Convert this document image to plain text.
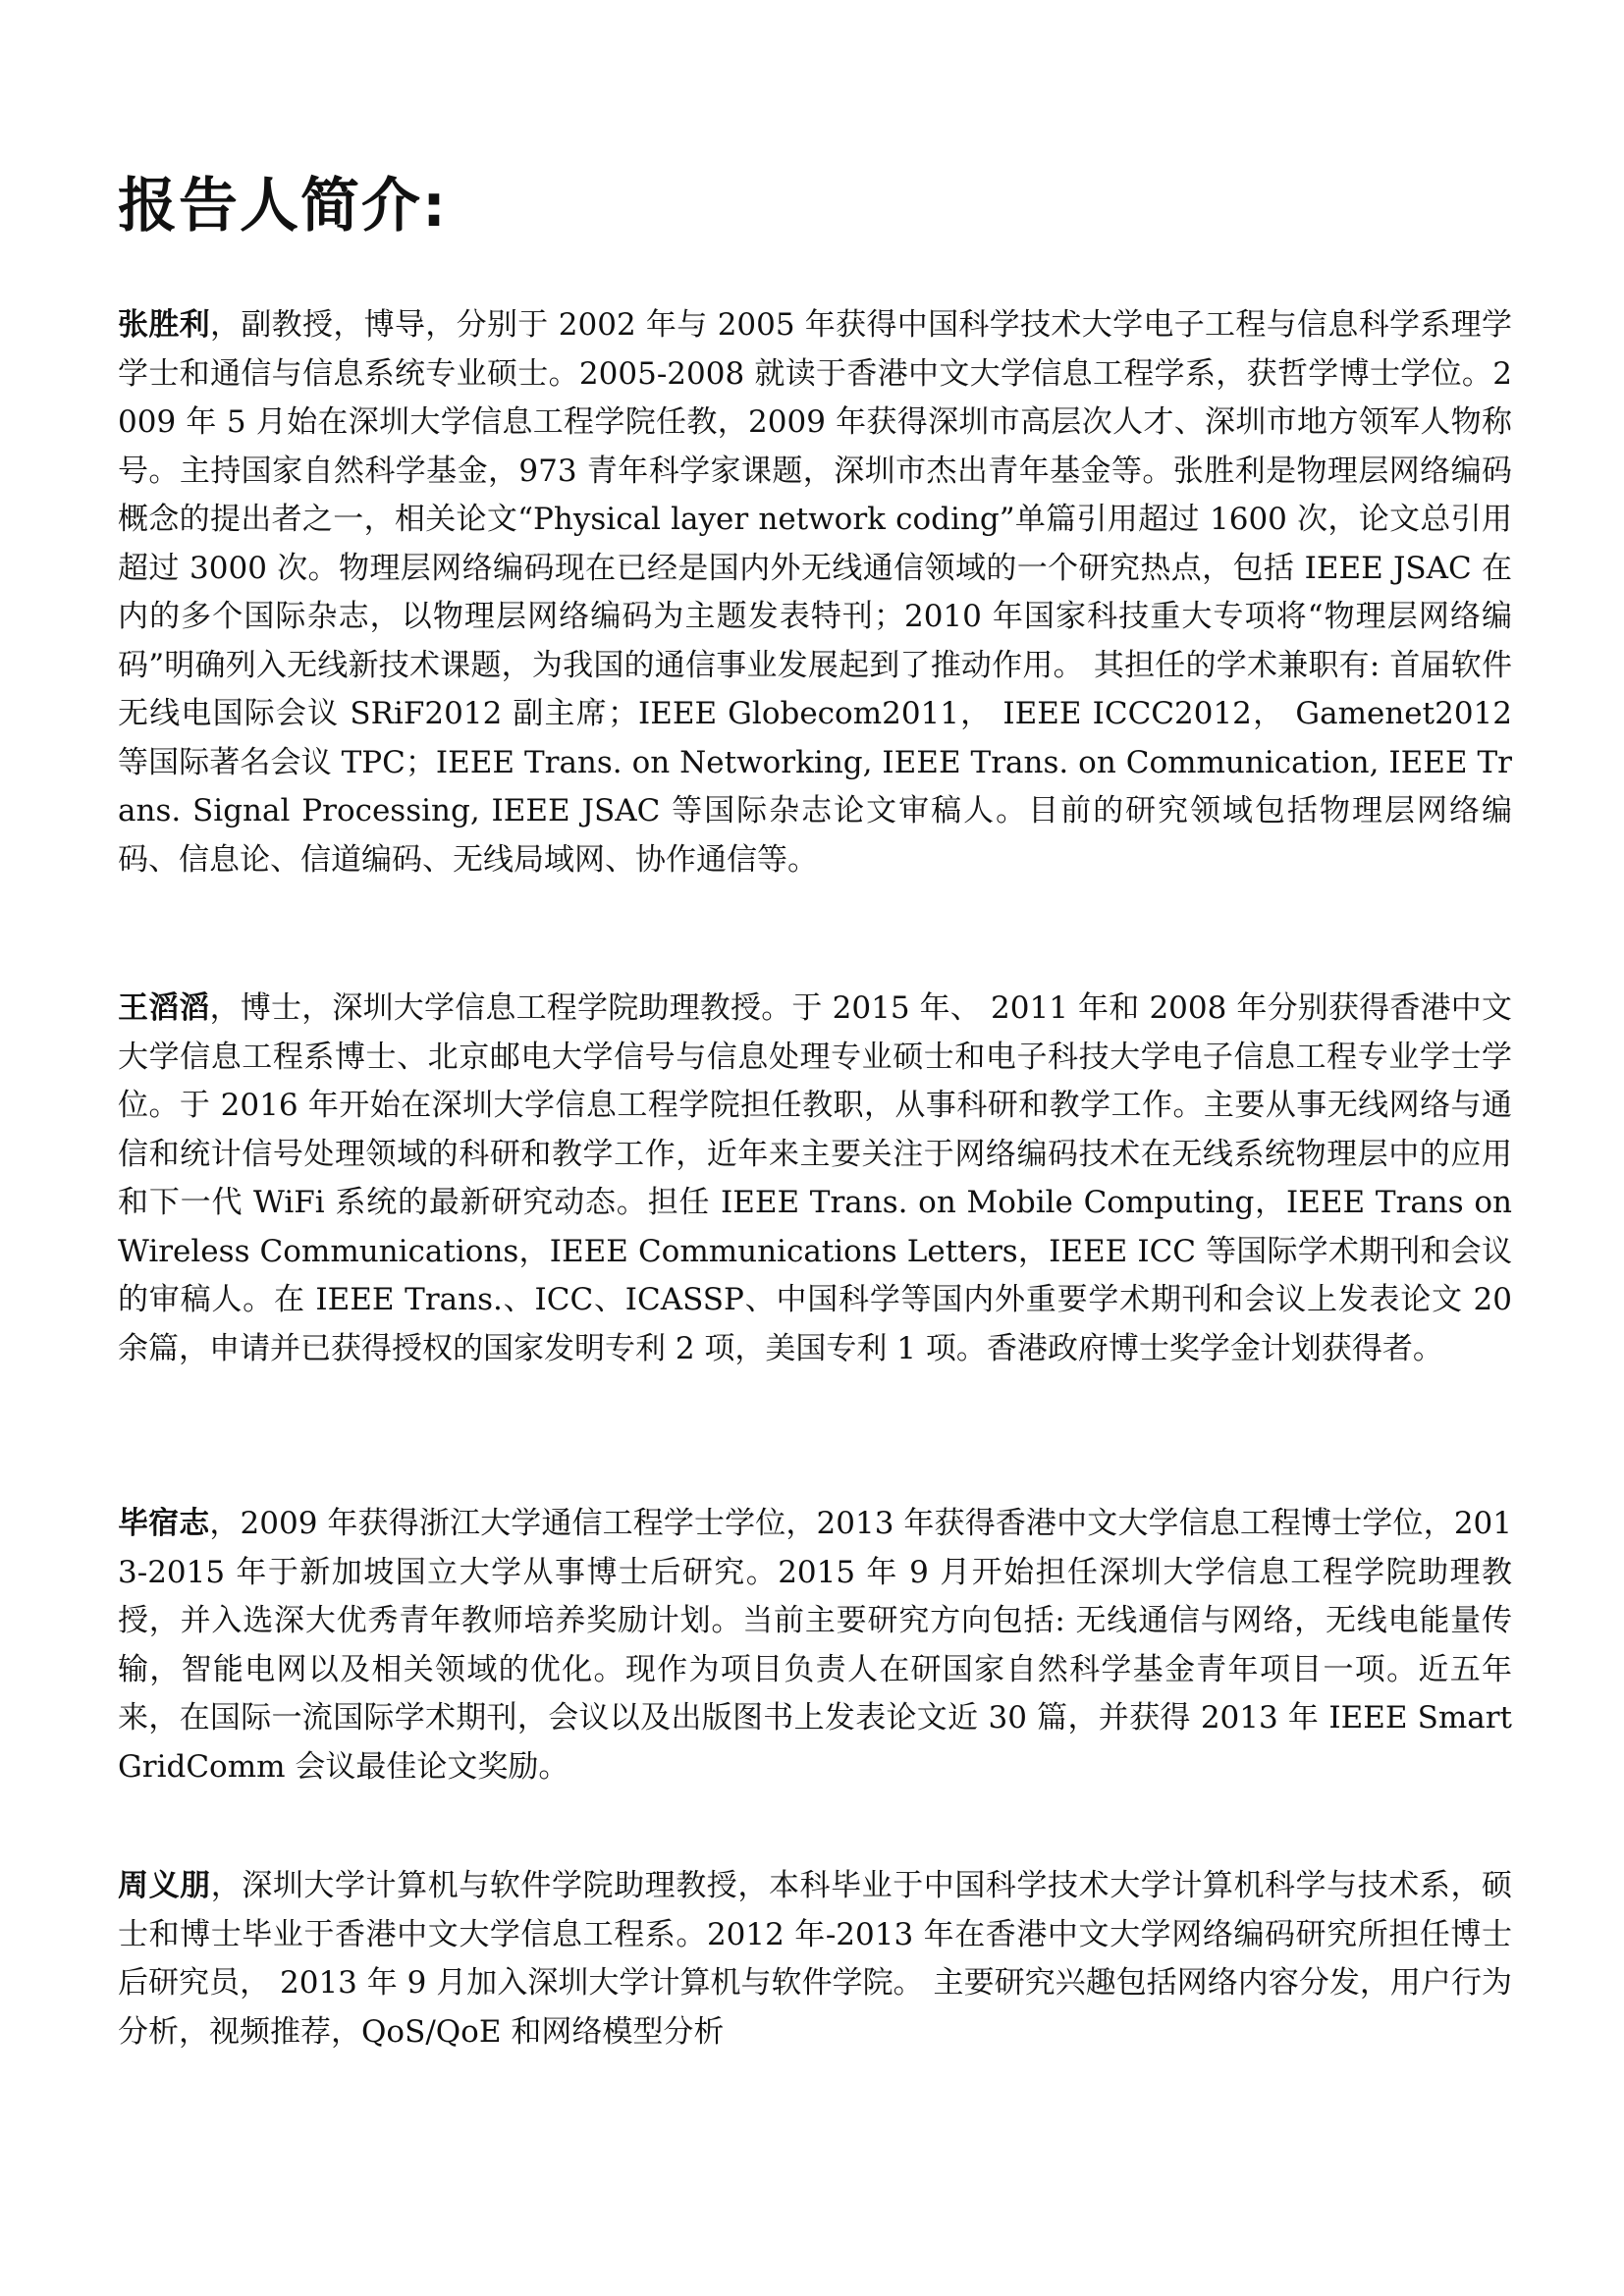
报告人简介:

张胜利，副教授，博导，分别于 2002 年与 2005 年获得中国科学技术大学电子工程与信息科学系理学学士和通信与信息系统专业硕士。2005-2008 就读于香港中文大学信息工程学系，获哲学博士学位。2009 年 5 月始在深圳大学信息工程学院任教，2009 年获得深圳市高层次人才、深圳市地方领军人物称号。主持国家自然科学基金，973 青年科学家课题，深圳市杰出青年基金等。张胜利是物理层网络编码概念的提出者之一，相关论文“Physical layer network coding”单篇引用超过 1600 次，论文总引用超过 3000 次。物理层网络编码现在已经是国内外无线通信领域的一个研究热点，包括 IEEE JSAC 在内的多个国际杂志，以物理层网络编码为主题发表特刊；2010 年国家科技重大专项将“物理层网络编码”明确列入无线新技术课题，为我国的通信事业发展起到了推动作用。 其担任的学术兼职有: 首届软件无线电国际会议 SRiF2012 副主席；IEEE Globecom2011， IEEE ICCC2012， Gamenet2012 等国际著名会议 TPC；IEEE Trans. on Networking, IEEE Trans. on Communication, IEEE Trans. Signal Processing, IEEE JSAC 等国际杂志论文审稿人。目前的研究领域包括物理层网络编码、信息论、信道编码、无线局域网、协作通信等。

王滔滔，博士，深圳大学信息工程学院助理教授。于 2015 年、 2011 年和 2008 年分别获得香港中文大学信息工程系博士、北京邮电大学信号与信息处理专业硕士和电子科技大学电子信息工程专业学士学位。于 2016 年开始在深圳大学信息工程学院担任教职，从事科研和教学工作。主要从事无线网络与通信和统计信号处理领域的科研和教学工作，近年来主要关注于网络编码技术在无线系统物理层中的应用和下一代 WiFi 系统的最新研究动态。担任 IEEE Trans. on Mobile Computing，IEEE Trans on Wireless Communications，IEEE Communications Letters，IEEE ICC 等国际学术期刊和会议的审稿人。在 IEEE Trans.、ICC、ICASSP、中国科学等国内外重要学术期刊和会议上发表论文 20 余篇，申请并已获得授权的国家发明专利 2 项，美国专利 1 项。香港政府博士奖学金计划获得者。

毕宿志，2009 年获得浙江大学通信工程学士学位，2013 年获得香港中文大学信息工程博士学位，2013-2015 年于新加坡国立大学从事博士后研究。2015 年 9 月开始担任深圳大学信息工程学院助理教授，并入选深大优秀青年教师培养奖励计划。当前主要研究方向包括: 无线通信与网络，无线电能量传输，智能电网以及相关领域的优化。现作为项目负责人在研国家自然科学基金青年项目一项。近五年来，在国际一流国际学术期刊，会议以及出版图书上发表论文近 30 篇，并获得 2013 年 IEEE SmartGridComm 会议最佳论文奖励。

周义朋，深圳大学计算机与软件学院助理教授，本科毕业于中国科学技术大学计算机科学与技术系，硕士和博士毕业于香港中文大学信息工程系。2012 年-2013 年在香港中文大学网络编码研究所担任博士后研究员， 2013 年 9 月加入深圳大学计算机与软件学院。 主要研究兴趣包括网络内容分发，用户行为分析，视频推荐，QoS/QoE 和网络模型分析
